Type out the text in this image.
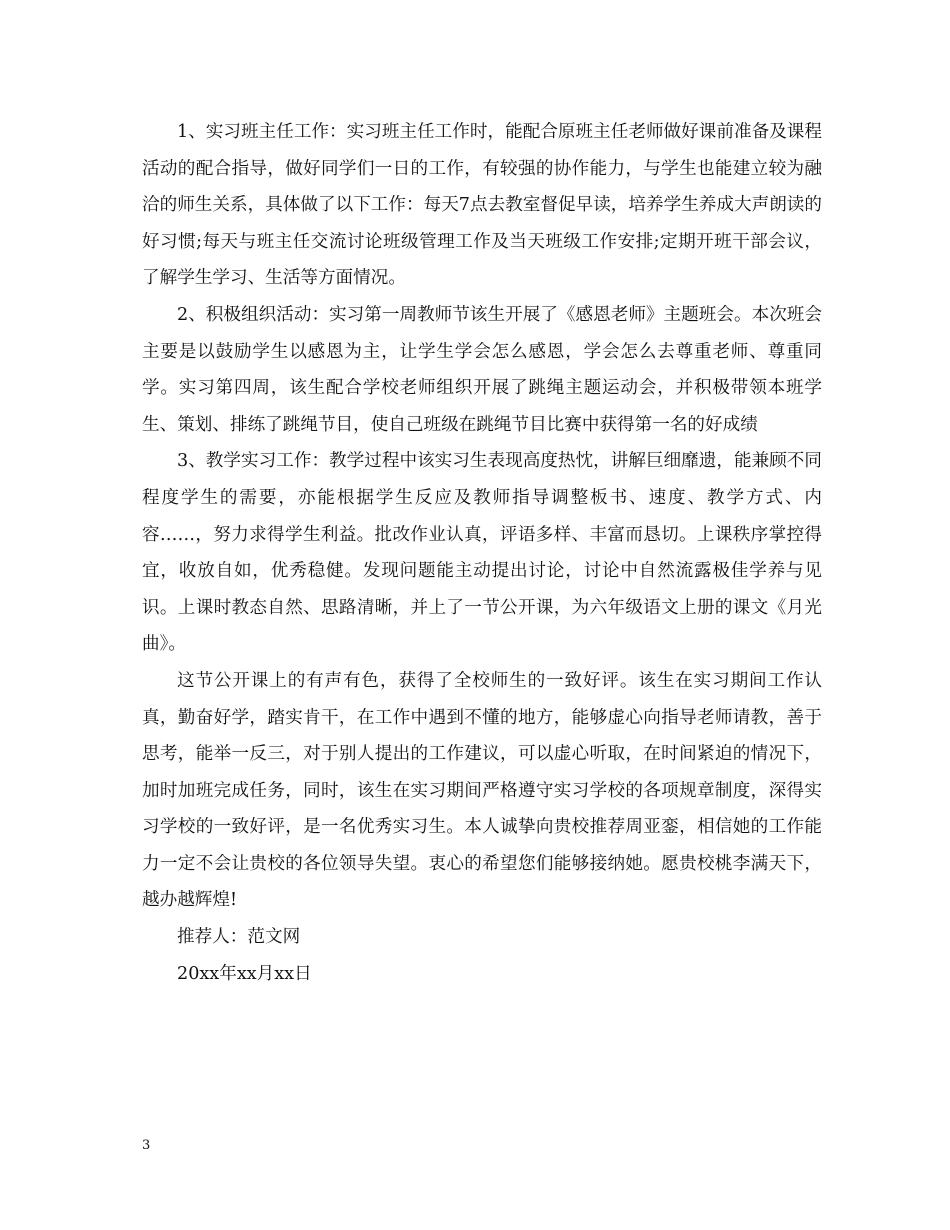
1、实习班主任工作：实习班主任工作时，能配合原班主任老师做好课前准备及课程活动的配合指导，做好同学们一日的工作，有较强的协作能力，与学生也能建立较为融洽的师生关系，具体做了以下工作：每天7点去教室督促早读，培养学生养成大声朗读的好习惯;每天与班主任交流讨论班级管理工作及当天班级工作安排;定期开班干部会议，了解学生学习、生活等方面情况。

2、积极组织活动：实习第一周教师节该生开展了《感恩老师》主题班会。本次班会主要是以鼓励学生以感恩为主，让学生学会怎么感恩，学会怎么去尊重老师、尊重同学。实习第四周，该生配合学校老师组织开展了跳绳主题运动会，并积极带领本班学生、策划、排练了跳绳节目，使自己班级在跳绳节目比赛中获得第一名的好成绩

3、教学实习工作：教学过程中该实习生表现高度热忱，讲解巨细靡遗，能兼顾不同程度学生的需要，亦能根据学生反应及教师指导调整板书、速度、教学方式、内容……，努力求得学生利益。批改作业认真，评语多样、丰富而恳切。上课秩序掌控得宜，收放自如，优秀稳健。发现问题能主动提出讨论，讨论中自然流露极佳学养与见识。上课时教态自然、思路清晰，并上了一节公开课，为六年级语文上册的课文《月光曲》。

这节公开课上的有声有色，获得了全校师生的一致好评。该生在实习期间工作认真，勤奋好学，踏实肯干，在工作中遇到不懂的地方，能够虚心向指导老师请教，善于思考，能举一反三，对于别人提出的工作建议，可以虚心听取，在时间紧迫的情况下，加时加班完成任务，同时，该生在实习期间严格遵守实习学校的各项规章制度，深得实习学校的一致好评，是一名优秀实习生。本人诚挚向贵校推荐周亚銮，相信她的工作能力一定不会让贵校的各位领导失望。衷心的希望您们能够接纳她。愿贵校桃李满天下，越办越辉煌!

推荐人：范文网

20xx年xx月xx日

3
